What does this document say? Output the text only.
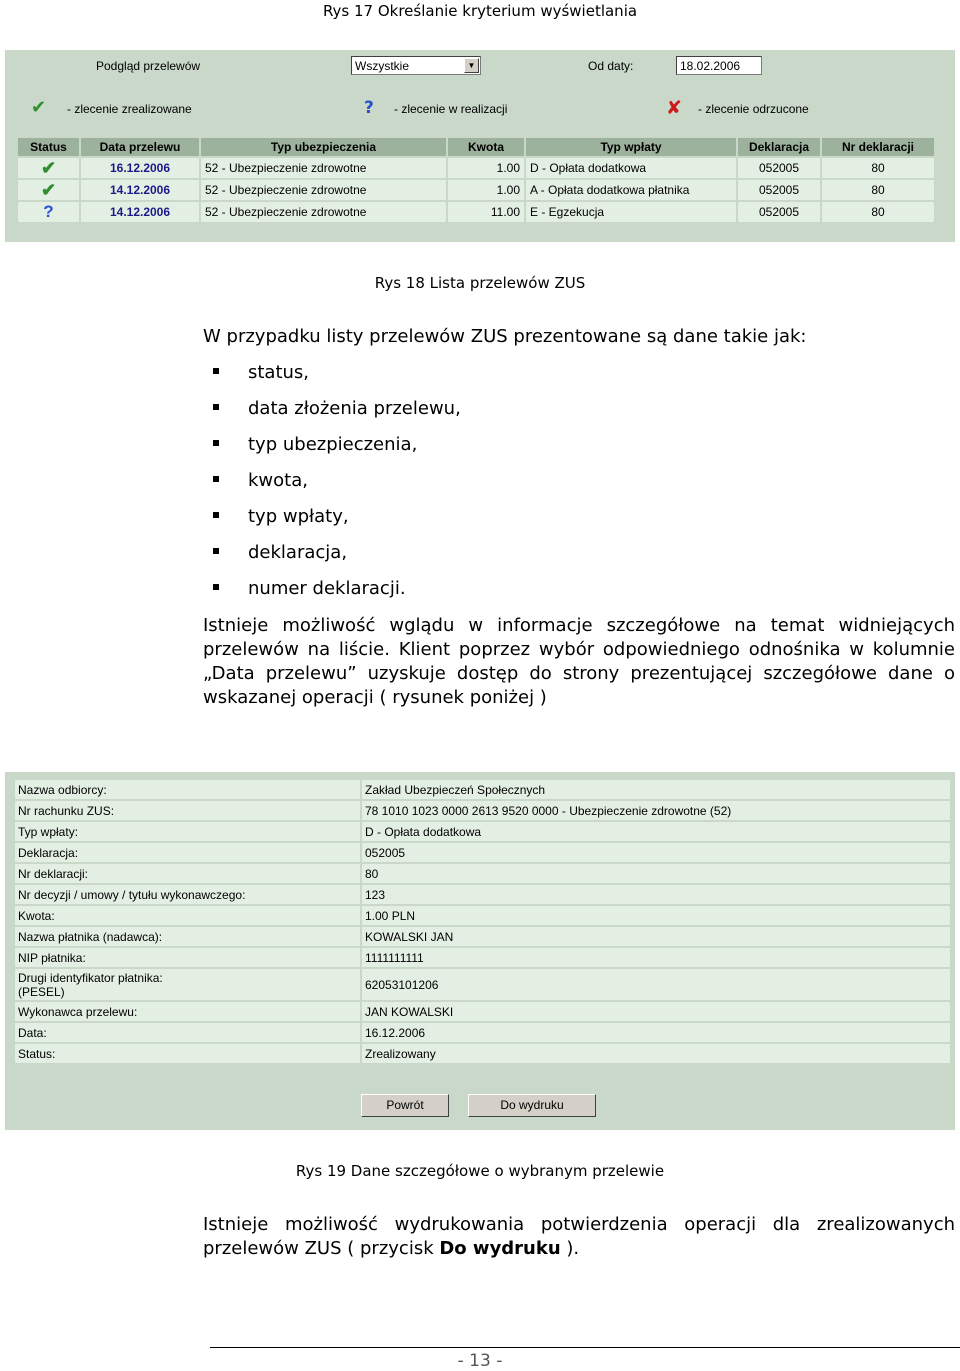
Rys 17 Określanie kryterium wyświetlania
Podgląd przelewów	Wszystkie	▼	Od daty:	18.02.2006
✔ - zlecenie zrealizowane	? - zlecenie w realizacji	✘ - zlecenie odrzucone
Status	Data przelewu	Typ ubezpieczenia	Kwota	Typ wpłaty	Deklaracja	Nr deklaracji
✔	16.12.2006	52 - Ubezpieczenie zdrowotne	1.00	D - Opłata dodatkowa	052005	80
✔	14.12.2006	52 - Ubezpieczenie zdrowotne	1.00	A - Opłata dodatkowa płatnika	052005	80
?	14.12.2006	52 - Ubezpieczenie zdrowotne	11.00	E - Egzekucja	052005	80
Rys 18 Lista przelewów ZUS
W przypadku listy przelewów ZUS prezentowane są dane takie jak:
status,
data złożenia przelewu,
typ ubezpieczenia,
kwota,
typ wpłaty,
deklaracja,
numer deklaracji.
Istnieje możliwość wglądu w informacje szczegółowe na temat widniejących
przelewów na liście. Klient poprzez wybór odpowiedniego odnośnika w kolumnie
„Data przelewu” uzyskuje dostęp do strony prezentującej szczegółowe dane o
wskazanej operacji ( rysunek poniżej )
Nazwa odbiorcy:	Zakład Ubezpieczeń Społecznych
Nr rachunku ZUS:	78 1010 1023 0000 2613 9520 0000 - Ubezpieczenie zdrowotne (52)
Typ wpłaty:	D - Opłata dodatkowa
Deklaracja:	052005
Nr deklaracji:	80
Nr decyzji / umowy / tytułu wykonawczego:	123
Kwota:	1.00 PLN
Nazwa płatnika (nadawca):	KOWALSKI JAN
NIP płatnika:	1111111111
Drugi identyfikator płatnika:
(PESEL)	62053101206
Wykonawca przelewu:	JAN KOWALSKI
Data:	16.12.2006
Status:	Zrealizowany
Powrót	Do wydruku
Rys 19 Dane szczegółowe o wybranym przelewie
Istnieje możliwość wydrukowania potwierdzenia operacji dla zrealizowanych
przelewów ZUS ( przycisk Do wydruku ).
- 13 -
